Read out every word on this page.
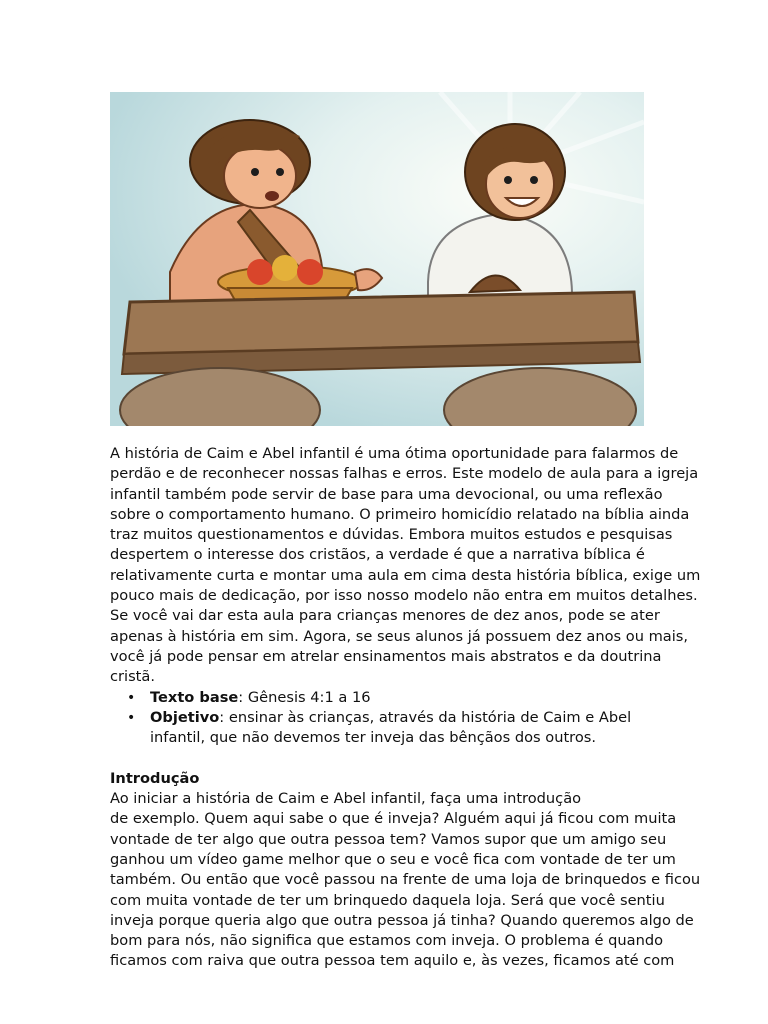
A história de Caim e Abel infantil é uma ótima oportunidade para falarmos de

perdão e de reconhecer nossas falhas e erros. Este modelo de aula para a igreja

infantil também pode servir de base para uma devocional, ou uma reflexão

sobre o comportamento humano. O primeiro homicídio relatado na bíblia ainda

traz muitos questionamentos e dúvidas. Embora muitos estudos e pesquisas

despertem o interesse dos cristãos, a verdade é que a narrativa bíblica é

relativamente curta e montar uma aula em cima desta história bíblica, exige um

pouco mais de dedicação, por isso nosso modelo não entra em muitos detalhes.

Se você vai dar esta aula para crianças menores de dez anos, pode se ater

apenas à história em sim. Agora, se seus alunos já possuem dez anos ou mais,

você já pode pensar em atrelar ensinamentos mais abstratos e da doutrina

cristã.

• Texto base: Gênesis 4:1 a 16
• Objetivo: ensinar às crianças, através da história de Caim e Abel infantil, que não devemos ter inveja das bênçãos dos outros.

Introdução

Ao iniciar a história de Caim e Abel infantil, faça uma introdução

de exemplo. Quem aqui sabe o que é inveja? Alguém aqui já ficou com muita

vontade de ter algo que outra pessoa tem? Vamos supor que um amigo seu

ganhou um vídeo game melhor que o seu e você fica com vontade de ter um

também. Ou então que você passou na frente de uma loja de brinquedos e ficou

com muita vontade de ter um brinquedo daquela loja. Será que você sentiu

inveja porque queria algo que outra pessoa já tinha? Quando queremos algo de

bom para nós, não significa que estamos com inveja. O problema é quando

ficamos com raiva que outra pessoa tem aquilo e, às vezes, ficamos até com
